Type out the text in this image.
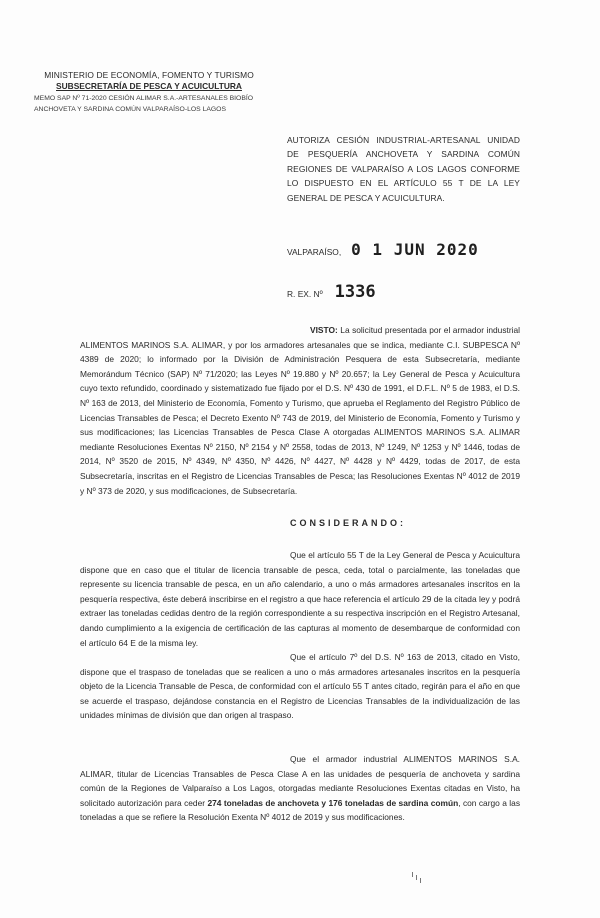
MINISTERIO DE ECONOMÍA, FOMENTO Y TURISMO
SUBSECRETARÍA DE PESCA Y ACUICULTURA
MEMO SAP Nº 71-2020 CESIÓN ALIMAR S.A.-ARTESANALES BIOBÍO
ANCHOVETA Y SARDINA COMÚN VALPARAÍSO-LOS LAGOS
AUTORIZA CESIÓN INDUSTRIAL-ARTESANAL UNIDAD DE PESQUERÍA ANCHOVETA Y SARDINA COMÚN REGIONES DE VALPARAÍSO A LOS LAGOS CONFORME LO DISPUESTO EN EL ARTÍCULO 55 T DE LA LEY GENERAL DE PESCA Y ACUICULTURA.
VALPARAÍSO, 0 1 JUN 2020
R. EX. Nº 1336
VISTO: La solicitud presentada por el armador industrial ALIMENTOS MARINOS S.A. ALIMAR, y por los armadores artesanales que se indica, mediante C.I. SUBPESCA Nº 4389 de 2020; lo informado por la División de Administración Pesquera de esta Subsecretaría, mediante Memorándum Técnico (SAP) Nº 71/2020; las Leyes Nº 19.880 y Nº 20.657; la Ley General de Pesca y Acuicultura cuyo texto refundido, coordinado y sistematizado fue fijado por el D.S. Nº 430 de 1991, el D.F.L. Nº 5 de 1983, el D.S. Nº 163 de 2013, del Ministerio de Economía, Fomento y Turismo, que aprueba el Reglamento del Registro Público de Licencias Transables de Pesca; el Decreto Exento Nº 743 de 2019, del Ministerio de Economía, Fomento y Turismo y sus modificaciones; las Licencias Transables de Pesca Clase A otorgadas ALIMENTOS MARINOS S.A. ALIMAR mediante Resoluciones Exentas Nº 2150, Nº 2154 y Nº 2558, todas de 2013, Nº 1249, Nº 1253 y Nº 1446, todas de 2014, Nº 3520 de 2015, Nº 4349, Nº 4350, Nº 4426, Nº 4427, Nº 4428 y Nº 4429, todas de 2017, de esta Subsecretaría, inscritas en el Registro de Licencias Transables de Pesca; las Resoluciones Exentas Nº 4012 de 2019 y Nº 373 de 2020, y sus modificaciones, de Subsecretaría.
CONSIDERANDO:
Que el artículo 55 T de la Ley General de Pesca y Acuicultura dispone que en caso que el titular de licencia transable de pesca, ceda, total o parcialmente, las toneladas que represente su licencia transable de pesca, en un año calendario, a uno o más armadores artesanales inscritos en la pesquería respectiva, éste deberá inscribirse en el registro a que hace referencia el artículo 29 de la citada ley y podrá extraer las toneladas cedidas dentro de la región correspondiente a su respectiva inscripción en el Registro Artesanal, dando cumplimiento a la exigencia de certificación de las capturas al momento de desembarque de conformidad con el artículo 64 E de la misma ley.
Que el artículo 7º del D.S. Nº 163 de 2013, citado en Visto, dispone que el traspaso de toneladas que se realicen a uno o más armadores artesanales inscritos en la pesquería objeto de la Licencia Transable de Pesca, de conformidad con el artículo 55 T antes citado, regirán para el año en que se acuerde el traspaso, dejándose constancia en el Registro de Licencias Transables de la individualización de las unidades mínimas de división que dan origen al traspaso.
Que el armador industrial ALIMENTOS MARINOS S.A. ALIMAR, titular de Licencias Transables de Pesca Clase A en las unidades de pesquería de anchoveta y sardina común de la Regiones de Valparaíso a Los Lagos, otorgadas mediante Resoluciones Exentas citadas en Visto, ha solicitado autorización para ceder 274 toneladas de anchoveta y 176 toneladas de sardina común, con cargo a las toneladas a que se refiere la Resolución Exenta Nº 4012 de 2019 y sus modificaciones.
